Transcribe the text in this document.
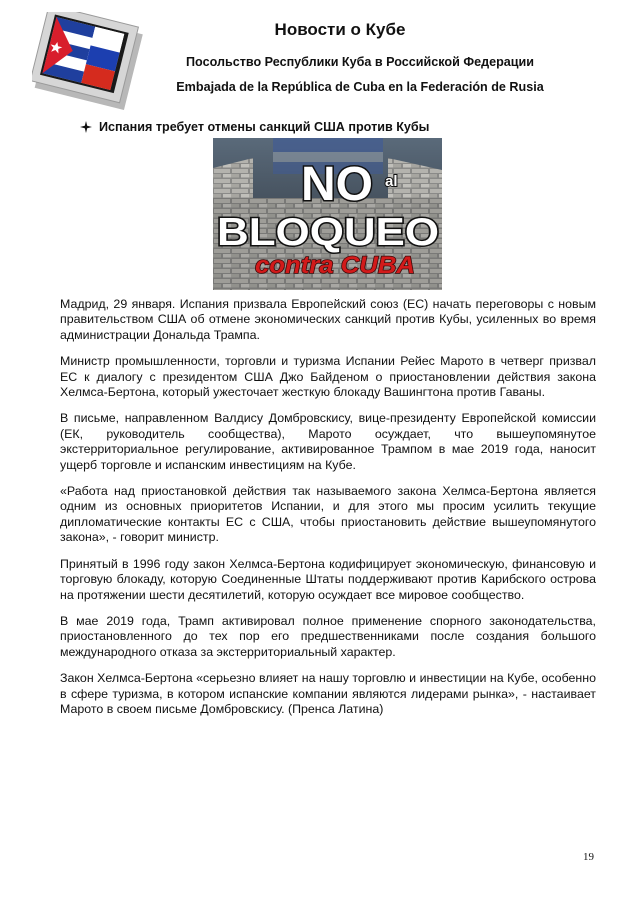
Новости о Кубе
Посольство Республики Куба в Российской Федерации
Embajada de la República de Cuba en la Federación de Rusia
Испания требует отмены санкций США против Кубы
NO al
BLOQUEO
contra CUBA

Мадрид, 29 января. Испания призвала Европейский союз (ЕС) начать переговоры с новым правительством США об отмене экономических санкций против Кубы, усиленных во время администрации Дональда Трампа.

Министр промышленности, торговли и туризма Испании Рейес Марото в четверг призвал ЕС к диалогу с президентом США Джо Байденом о приостановлении действия закона Хелмса-Бертона, который ужесточает жесткую блокаду Вашингтона против Гаваны.

В письме, направленном Валдису Домбровскису, вице-президенту Европейской комиссии (ЕК, руководитель сообщества), Марото осуждает, что вышеупомянутое экстерриториальное регулирование, активированное Трампом в мае 2019 года, наносит ущерб торговле и испанским инвестициям на Кубе.

«Работа над приостановкой действия так называемого закона Хелмса-Бертона является одним из основных приоритетов Испании, и для этого мы просим усилить текущие дипломатические контакты ЕС с США, чтобы приостановить действие вышеупомянутого закона», - говорит министр.

Принятый в 1996 году закон Хелмса-Бертона кодифицирует экономическую, финансовую и торговую блокаду, которую Соединенные Штаты поддерживают против Карибского острова на протяжении шести десятилетий, которую осуждает все мировое сообщество.

В мае 2019 года, Трамп активировал полное применение спорного законодательства, приостановленного до тех пор его предшественниками после создания большого международного отказа за экстерриториальный характер.

Закон Хелмса-Бертона «серьезно влияет на нашу торговлю и инвестиции на Кубе, особенно в сфере туризма, в котором испанские компании являются лидерами рынка», - настаивает Марото в своем письме Домбровскису. (Пренса Латина)

19
